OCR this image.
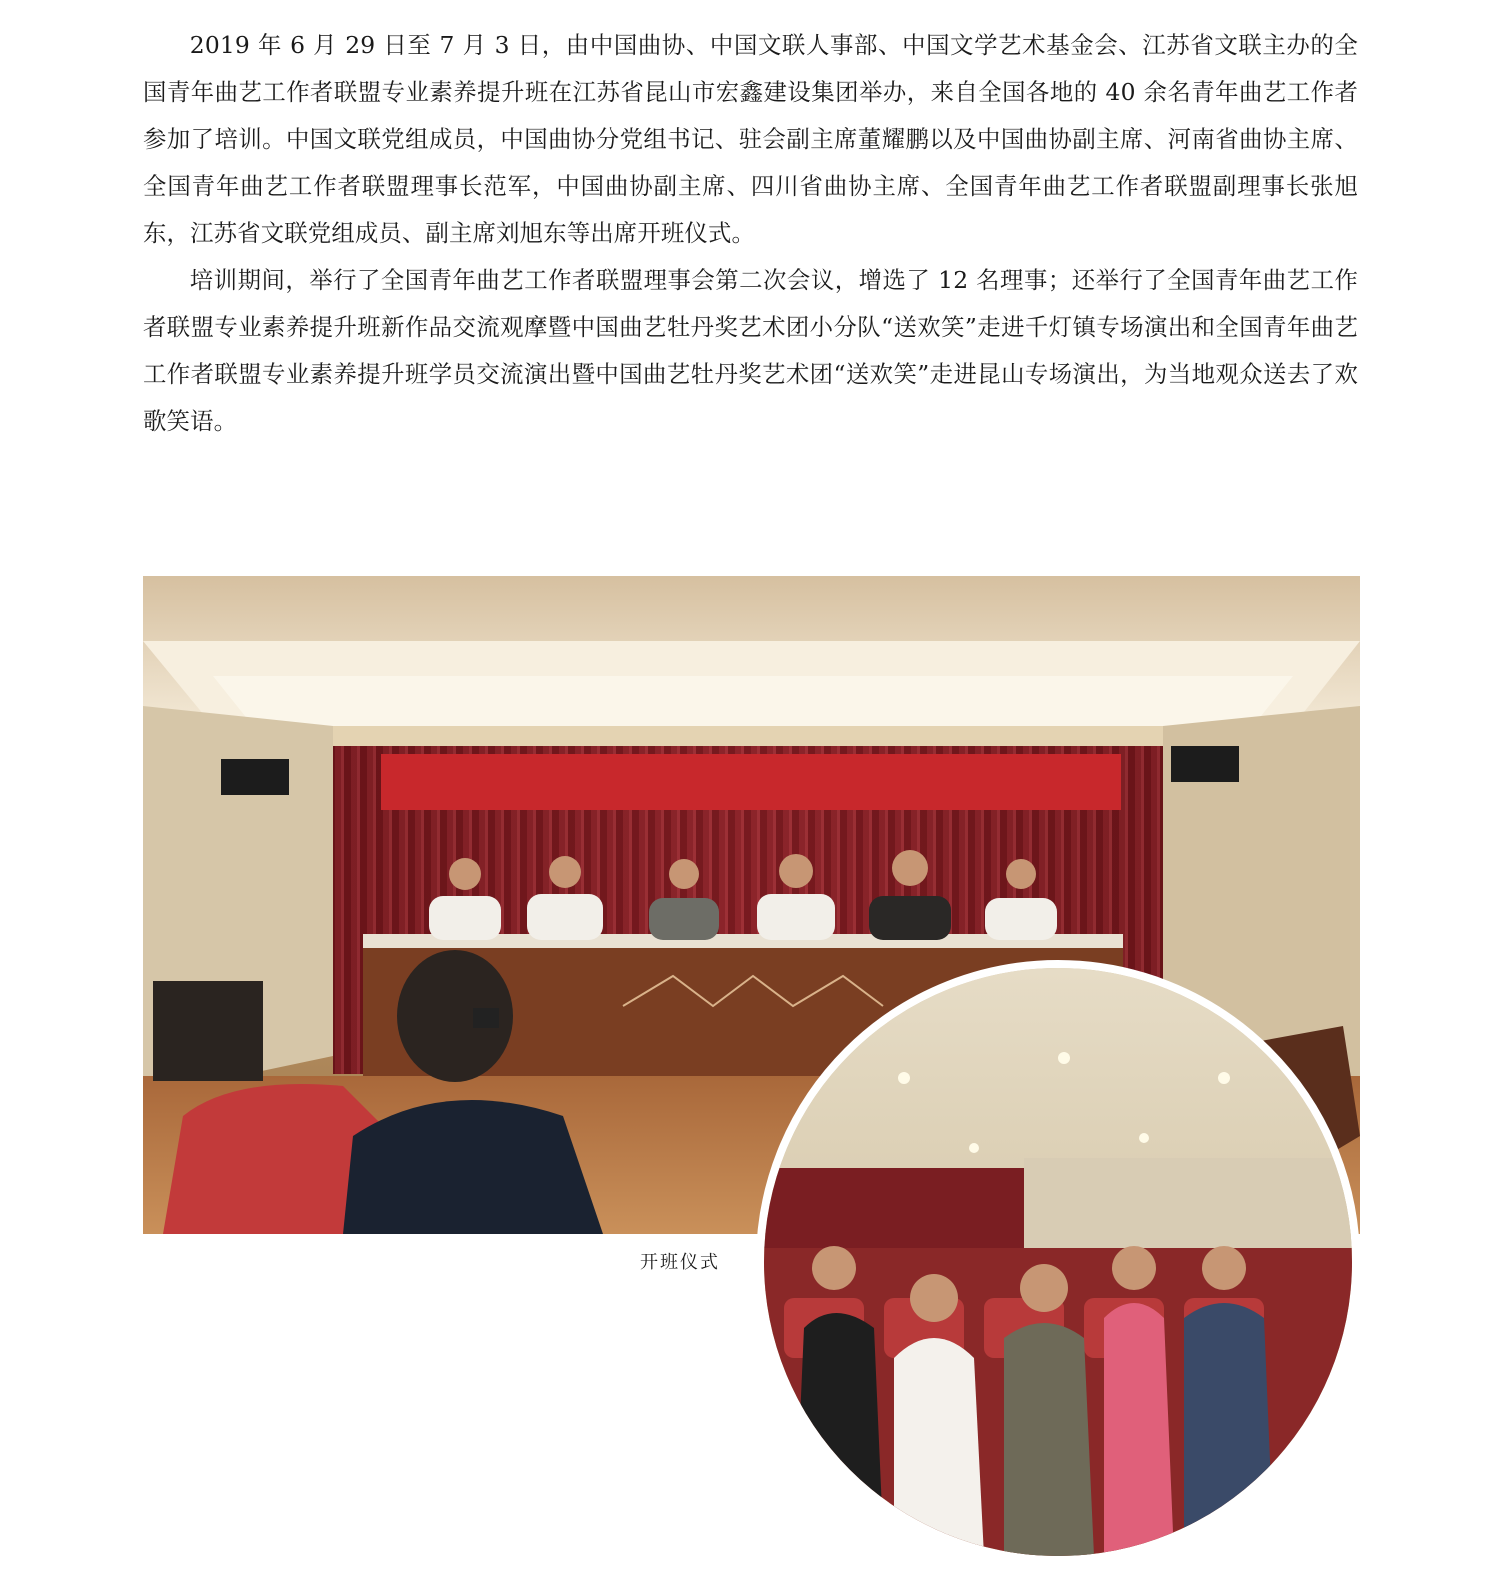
2019 年 6 月 29 日至 7 月 3 日，由中国曲协、中国文联人事部、中国文学艺术基金会、江苏省文联主办的全国青年曲艺工作者联盟专业素养提升班在江苏省昆山市宏鑫建设集团举办，来自全国各地的 40 余名青年曲艺工作者参加了培训。中国文联党组成员，中国曲协分党组书记、驻会副主席董耀鹏以及中国曲协副主席、河南省曲协主席、全国青年曲艺工作者联盟理事长范军，中国曲协副主席、四川省曲协主席、全国青年曲艺工作者联盟副理事长张旭东，江苏省文联党组成员、副主席刘旭东等出席开班仪式。

培训期间，举行了全国青年曲艺工作者联盟理事会第二次会议，增选了 12 名理事；还举行了全国青年曲艺工作者联盟专业素养提升班新作品交流观摩暨中国曲艺牡丹奖艺术团小分队“送欢笑”走进千灯镇专场演出和全国青年曲艺工作者联盟专业素养提升班学员交流演出暨中国曲艺牡丹奖艺术团“送欢笑”走进昆山专场演出，为当地观众送去了欢歌笑语。

开班仪式
